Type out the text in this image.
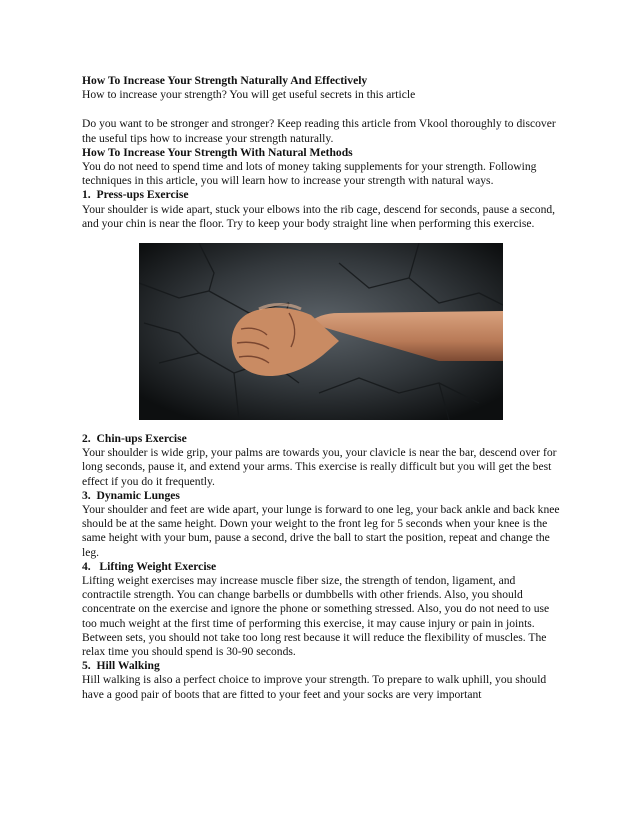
How To Increase Your Strength Naturally And Effectively

How to increase your strength? You will get useful secrets in this article

Do you want to be stronger and stronger? Keep reading this article from Vkool thoroughly to discover the useful tips how to increase your strength naturally.

How To Increase Your Strength With Natural Methods

You do not need to spend time and lots of money taking supplements for your strength. Following techniques in this article, you will learn how to increase your strength with natural ways.

1. Press-ups Exercise

Your shoulder is wide apart, stuck your elbows into the rib cage, descend for seconds, pause a second, and your chin is near the floor. Try to keep your body straight line when performing this exercise.

2. Chin-ups Exercise

Your shoulder is wide grip, your palms are towards you, your clavicle is near the bar, descend over for long seconds, pause it, and extend your arms. This exercise is really difficult but you will get the best effect if you do it frequently.

3. Dynamic Lunges

Your shoulder and feet are wide apart, your lunge is forward to one leg, your back ankle and back knee should be at the same height. Down your weight to the front leg for 5 seconds when your knee is the same height with your bum, pause a second, drive the ball to start the position, repeat and change the leg.

4. Lifting Weight Exercise

Lifting weight exercises may increase muscle fiber size, the strength of tendon, ligament, and contractile strength. You can change barbells or dumbbells with other friends. Also, you should concentrate on the exercise and ignore the phone or something stressed. Also, you do not need to use too much weight at the first time of performing this exercise, it may cause injury or pain in joints. Between sets, you should not take too long rest because it will reduce the flexibility of muscles. The relax time you should spend is 30-90 seconds.

5. Hill Walking

Hill walking is also a perfect choice to improve your strength. To prepare to walk uphill, you should have a good pair of boots that are fitted to your feet and your socks are very important
